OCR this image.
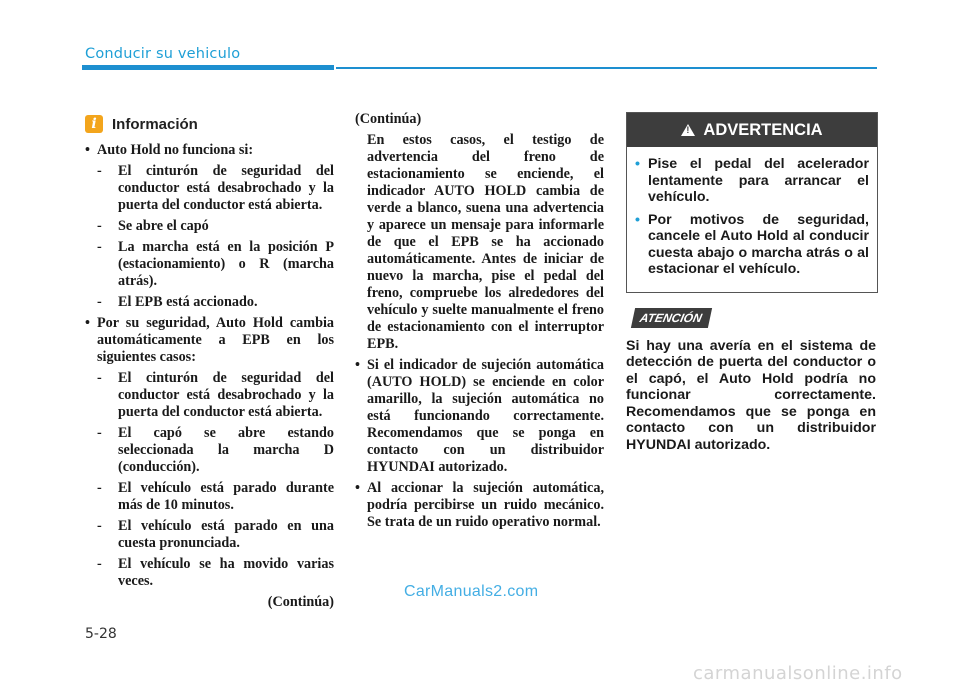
Conducir su vehiculo
i	Información
• Auto Hold no funciona si:
- El cinturón de seguridad del conductor está desabrochado y la puerta del conductor está abierta.
- Se abre el capó
- La marcha está en la posición P (estacionamiento) o R (marcha atrás).
- El EPB está accionado.
• Por su seguridad, Auto Hold cambia automáticamente a EPB en los siguientes casos:
- El cinturón de seguridad del conductor está desabrochado y la puerta del conductor está abierta.
- El capó se abre estando seleccionada la marcha D (conducción).
- El vehículo está parado durante más de 10 minutos.
- El vehículo está parado en una cuesta pronunciada.
- El vehículo se ha movido varias veces.
(Continúa)
(Continúa)
En estos casos, el testigo de advertencia del freno de estacionamiento se enciende, el indicador AUTO HOLD cambia de verde a blanco, suena una advertencia y aparece un mensaje para informarle de que el EPB se ha accionado automáticamente. Antes de iniciar de nuevo la marcha, pise el pedal del freno, compruebe los alrededores del vehículo y suelte manualmente el freno de estacionamiento con el interruptor EPB.
• Si el indicador de sujeción automática (AUTO HOLD) se enciende en color amarillo, la sujeción automática no está funcionando correctamente. Recomendamos que se ponga en contacto con un distribuidor HYUNDAI autorizado.
• Al accionar la sujeción automática, podría percibirse un ruido mecánico. Se trata de un ruido operativo normal.
!
ADVERTENCIA
• Pise el pedal del acelerador lentamente para arrancar el vehículo.
• Por motivos de seguridad, cancele el Auto Hold al conducir cuesta abajo o marcha atrás o al estacionar el vehículo.
ATENCIÓN
Si hay una avería en el sistema de detección de puerta del conductor o el capó, el Auto Hold podría no funcionar correctamente. Recomendamos que se ponga en contacto con un distribuidor HYUNDAI autorizado.
CarManuals2.com
5-28
carmanualsonline.info
